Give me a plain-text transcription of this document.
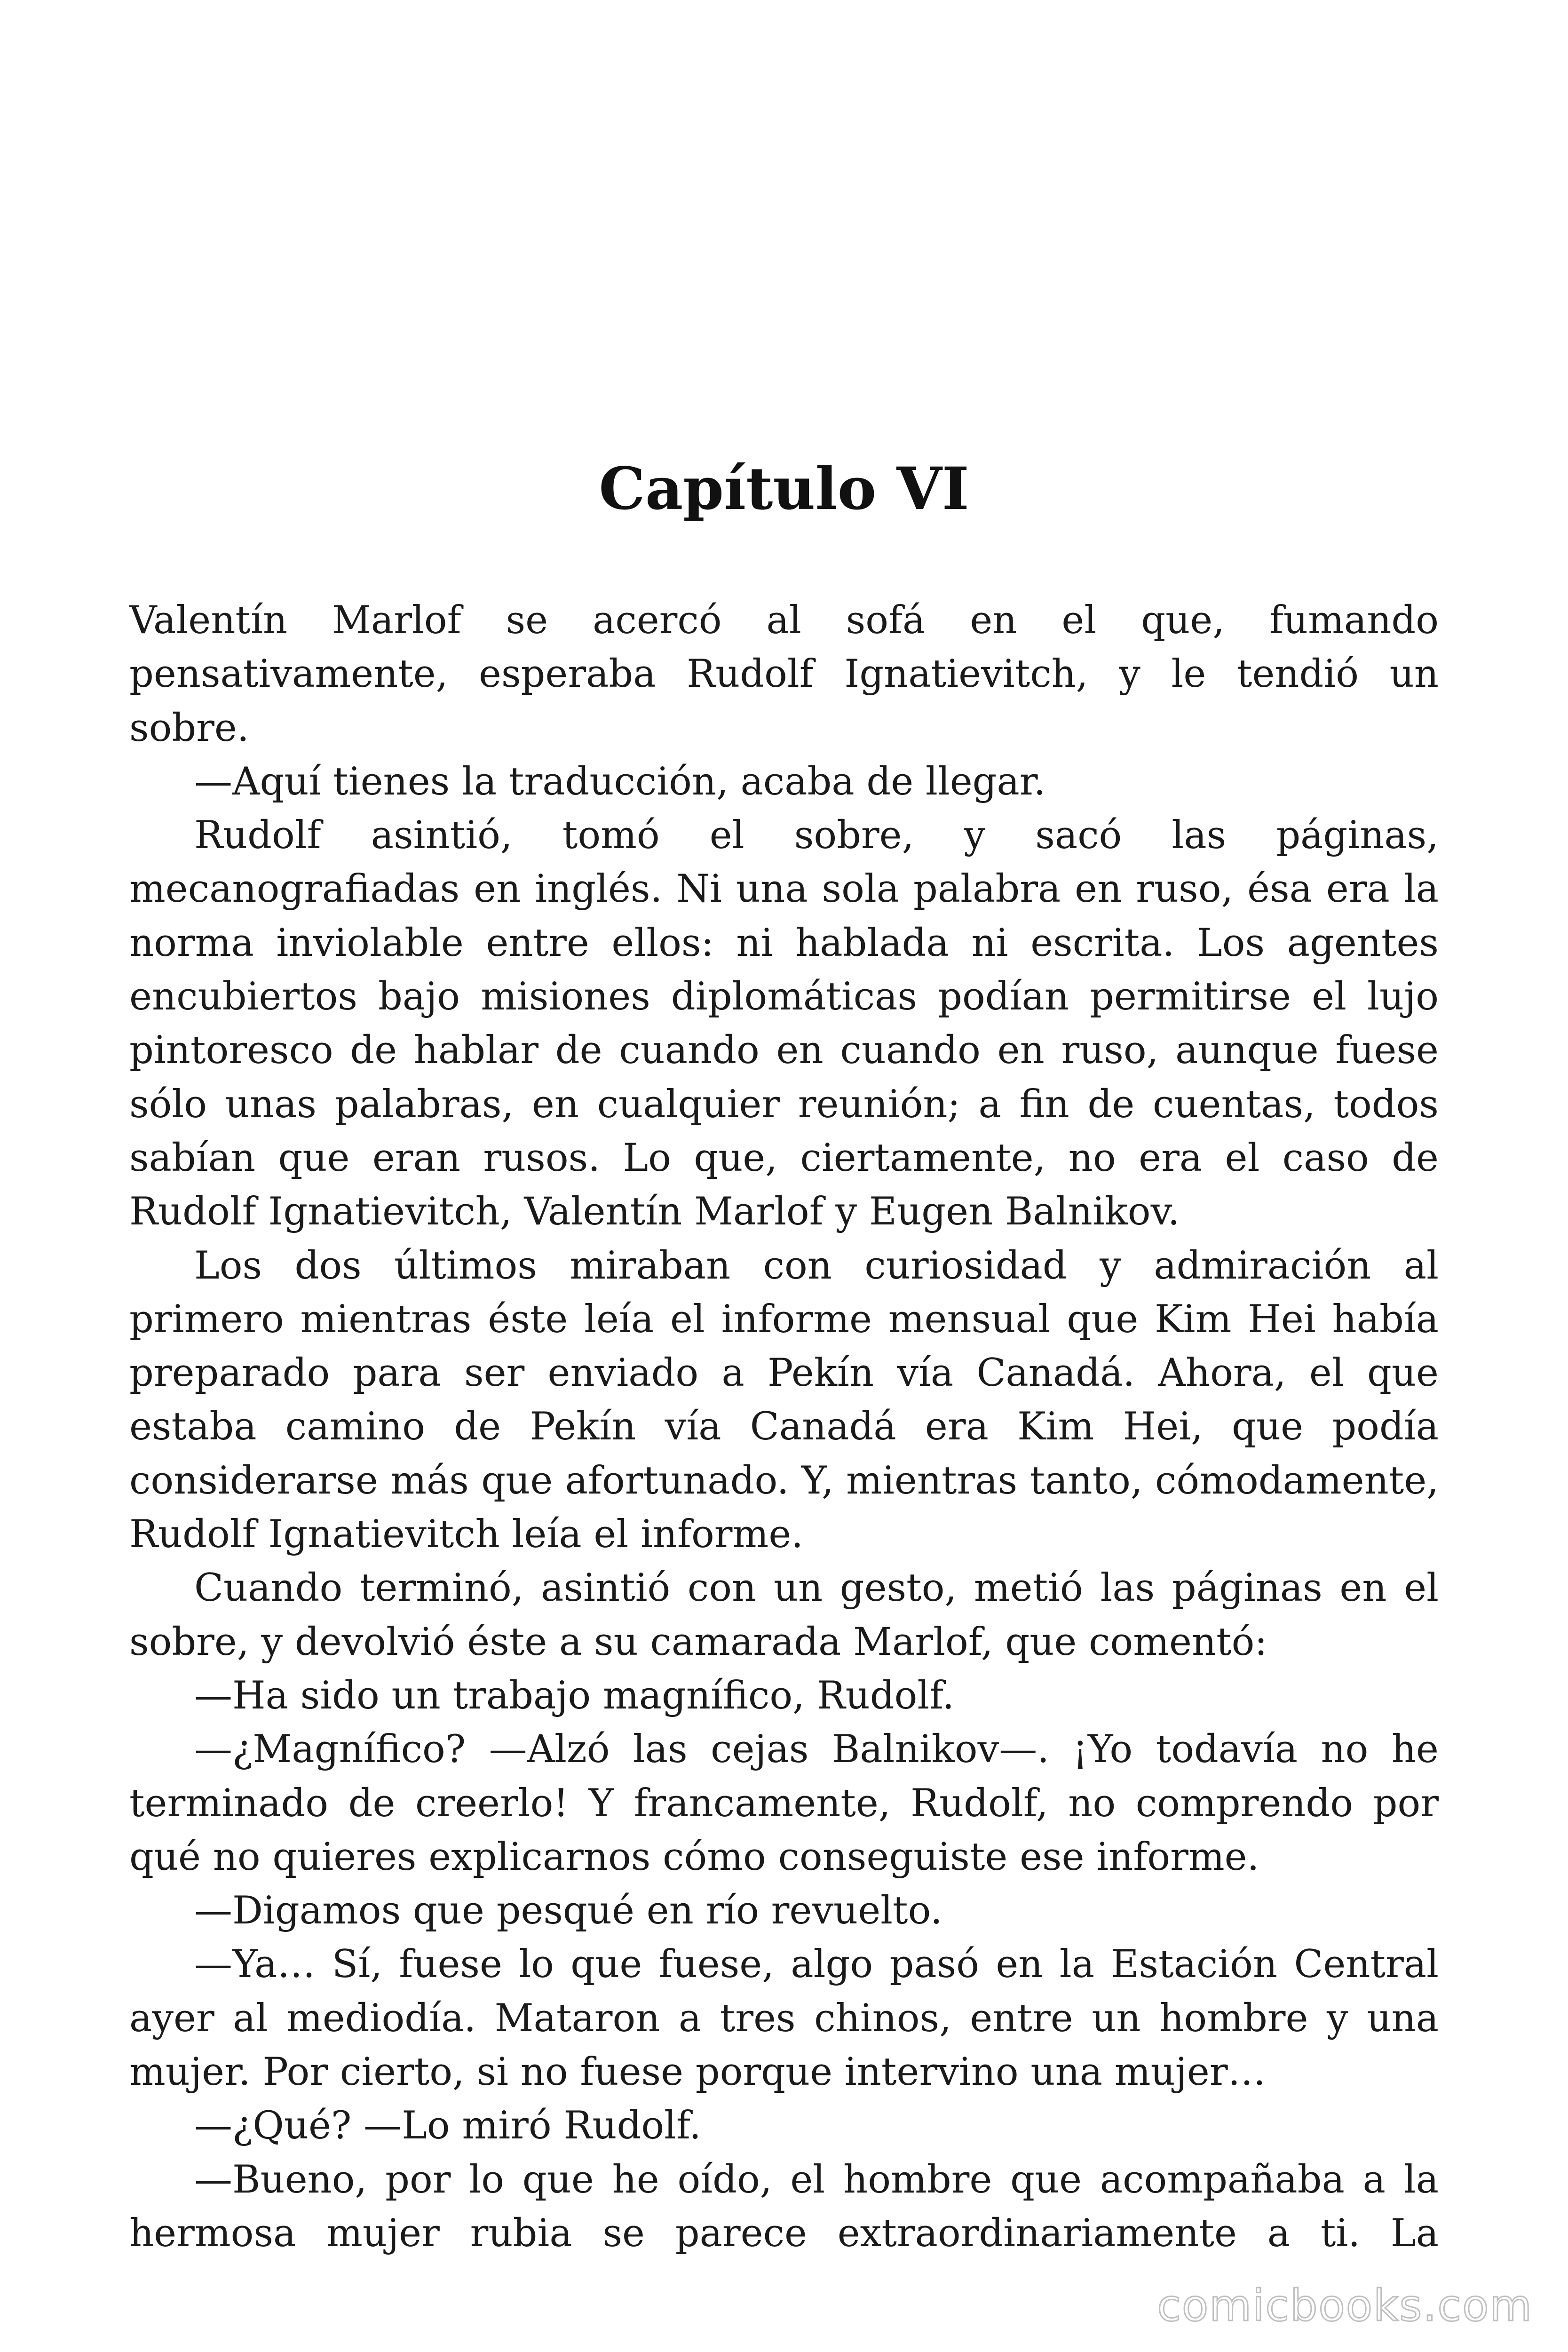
Capítulo VI

Valentín Marlof se acercó al sofá en el que, fumando pensativamente, esperaba Rudolf Ignatievitch, y le tendió un sobre.

—Aquí tienes la traducción, acaba de llegar.

Rudolf asintió, tomó el sobre, y sacó las páginas, mecanografiadas en inglés. Ni una sola palabra en ruso, ésa era la norma inviolable entre ellos: ni hablada ni escrita. Los agentes encubiertos bajo misiones diplomáticas podían permitirse el lujo pintoresco de hablar de cuando en cuando en ruso, aunque fuese sólo unas palabras, en cualquier reunión; a fin de cuentas, todos sabían que eran rusos. Lo que, ciertamente, no era el caso de Rudolf Ignatievitch, Valentín Marlof y Eugen Balnikov.

Los dos últimos miraban con curiosidad y admiración al primero mientras éste leía el informe mensual que Kim Hei había preparado para ser enviado a Pekín vía Canadá. Ahora, el que estaba camino de Pekín vía Canadá era Kim Hei, que podía considerarse más que afortunado. Y, mientras tanto, cómodamente, Rudolf Ignatievitch leía el informe.

Cuando terminó, asintió con un gesto, metió las páginas en el sobre, y devolvió éste a su camarada Marlof, que comentó:

—Ha sido un trabajo magnífico, Rudolf.

—¿Magnífico? —Alzó las cejas Balnikov—. ¡Yo todavía no he terminado de creerlo! Y francamente, Rudolf, no comprendo por qué no quieres explicarnos cómo conseguiste ese informe.

—Digamos que pesqué en río revuelto.

—Ya… Sí, fuese lo que fuese, algo pasó en la Estación Central ayer al mediodía. Mataron a tres chinos, entre un hombre y una mujer. Por cierto, si no fuese porque intervino una mujer…

—¿Qué? —Lo miró Rudolf.

—Bueno, por lo que he oído, el hombre que acompañaba a la hermosa mujer rubia se parece extraordinariamente a ti. La

comicbooks.com
